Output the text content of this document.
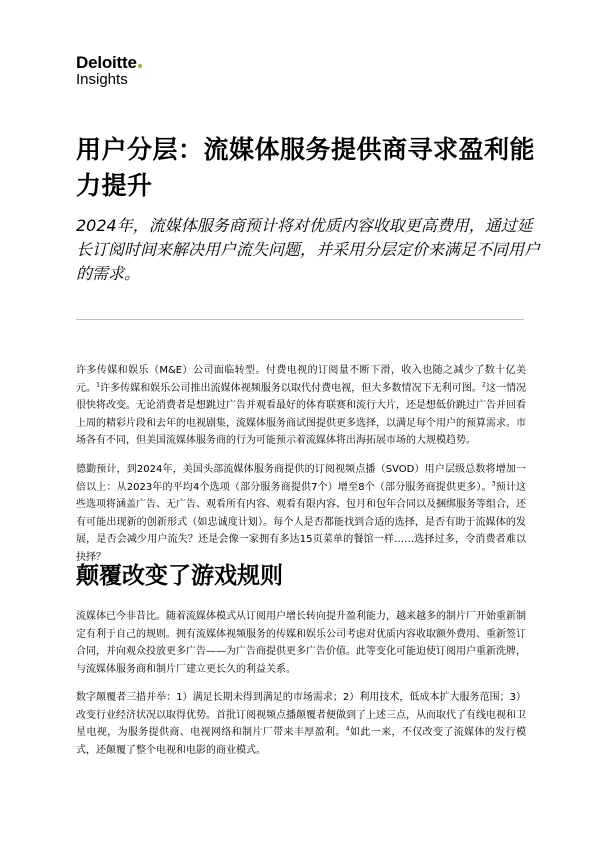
Deloitte
Insights
用户分层：流媒体服务提供商寻求盈利能力提升

2024年，流媒体服务商预计将对优质内容收取更高费用，通过延长订阅时间来解决用户流失问题，并采用分层定价来满足不同用户的需求。

许多传媒和娱乐（M&E）公司面临转型。付费电视的订阅量不断下滑，收入也随之减少了数十亿美元。$^1$许多传媒和娱乐公司推出流媒体视频服务以取代付费电视，但大多数情况下无利可图。$^2$这一情况很快将改变。无论消费者是想跳过广告并观看最好的体育联赛和流行大片，还是想低价跳过广告并回看上周的精彩片段和去年的电视剧集，流媒体服务商试图提供更多选择，以满足每个用户的预算需求。市场各有不同，但美国流媒体服务商的行为可能预示着流媒体将出海拓展市场的大规模趋势。

德勤预计，到2024年，美国头部流媒体服务商提供的订阅视频点播（SVOD）用户层级总数将增加一倍以上：从2023年的平均4个选项（部分服务商提供7个）增至8个（部分服务商提供更多）。$^3$预计这些选项将涵盖广告、无广告、观看所有内容、观看有限内容、包月和包年合同以及捆绑服务等组合，还有可能出现新的创新形式（如忠诚度计划）。每个人是否都能找到合适的选择，是否有助于流媒体的发展，是否会减少用户流失？还是会像一家拥有多达15页菜单的餐馆一样……选择过多，令消费者难以抉择？

颠覆改变了游戏规则

流媒体已今非昔比。随着流媒体模式从订阅用户增长转向提升盈利能力，越来越多的制片厂开始重新制定有利于自己的规则。拥有流媒体视频服务的传媒和娱乐公司考虑对优质内容收取额外费用、重新签订合同，并向观众投放更多广告——为广告商提供更多广告价值。此等变化可能迫使订阅用户重新洗牌，与流媒体服务商和制片厂建立更长久的利益关系。

数字颠覆者三措并举：1）满足长期未得到满足的市场需求；2）利用技术，低成本扩大服务范围；3）改变行业经济状况以取得优势。首批订阅视频点播颠覆者便做到了上述三点，从而取代了有线电视和卫星电视，为服务提供商、电视网络和制片厂带来丰厚盈利。$^4$如此一来，不仅改变了流媒体的发行模式，还颠覆了整个电视和电影的商业模式。
